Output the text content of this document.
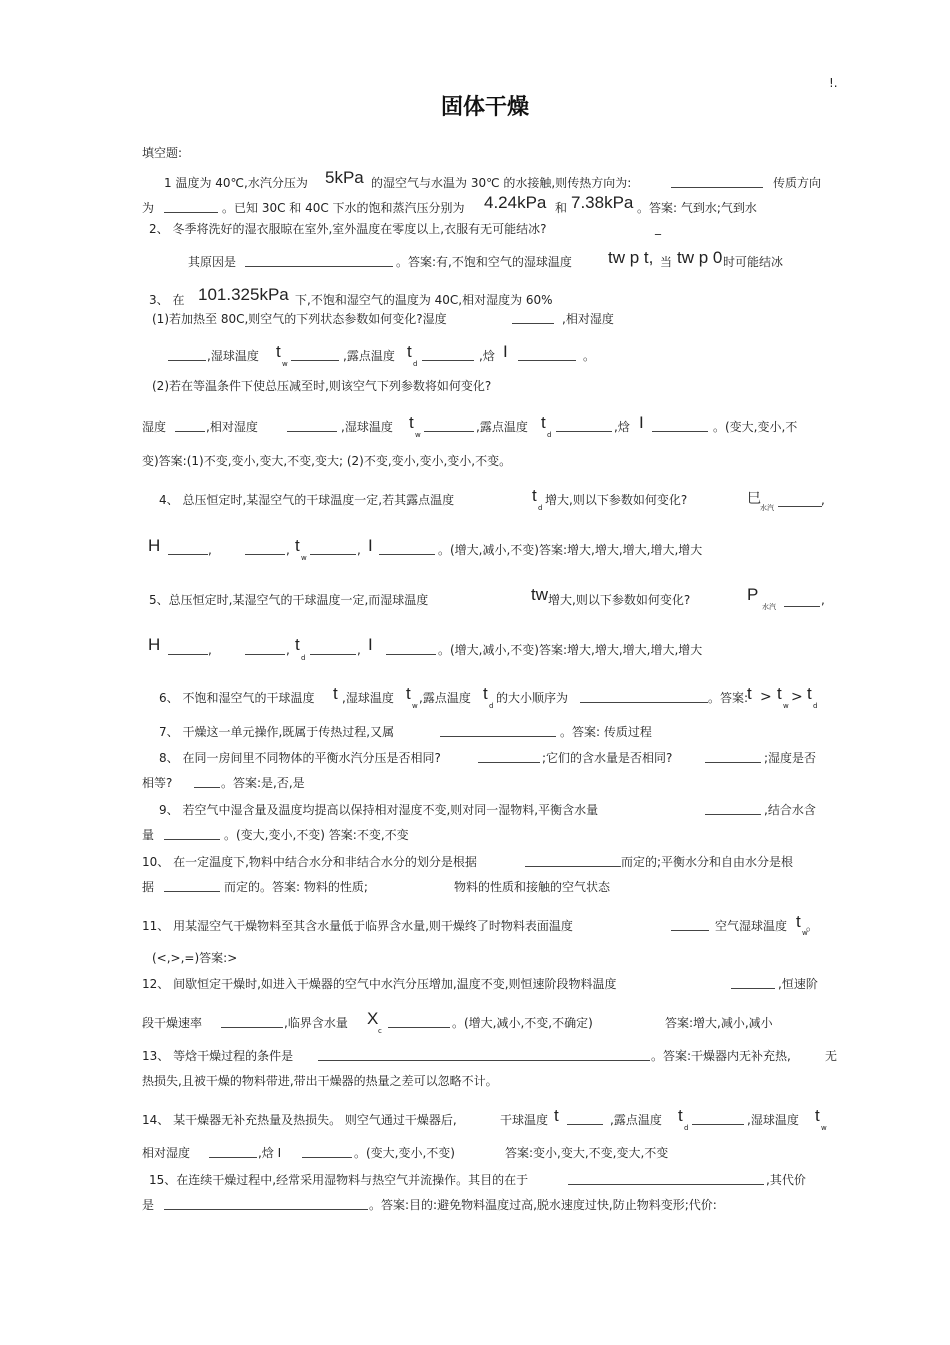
!.
固体干燥
填空题:
1 温度为 40℃,水汽分压为 5kPa 的湿空气与水温为 30℃ 的水接触,则传热方向为:	传质方向
为	。已知 30C 和 40C 下水的饱和蒸汽压分别为 4.24kPa 和 7.38kPa 。答案: 气到水;气到水
2、 冬季将洗好的湿衣服晾在室外,室外温度在零度以上,衣服有无可能结冰?	_
其原因是	。答案:有,不饱和空气的湿球温度 tw p t, 当 tw p 0 时可能结冰
3、 在 101.325kPa 下,不饱和湿空气的温度为 40C,相对湿度为 60%
(1)若加热至 80C,则空气的下列状态参数如何变化?湿度	,相对湿度
,湿球温度 t
w
,露点温度 t
d
,焓 I	。
(2)若在等温条件下使总压减至时,则该空气下列参数将如何变化?
湿度	,相对湿度	,湿球温度 t
w
,露点温度 t
d
,焓 I	。(变大,变小,不
变)答案:(1)不变,变小,变大,不变,变大; (2)不变,变小,变小,变小,不变。
4、 总压恒定时,某湿空气的干球温度一定,若其露点温度	t
d
增大,则以下参数如何变化?	巳
水汽
,
H	,	, t
w
, I	。(增大,减小,不变)答案:增大,增大,增大,增大,增大
5、总压恒定时,某湿空气的干球温度一定,而湿球温度	tw 增大,则以下参数如何变化?	P
水汽	,
H	,	, t
d
, I	。(增大,减小,不变)答案:增大,增大,增大,增大,增大
6、 不饱和湿空气的干球温度 t ,湿球温度 t
w
,露点温度 t
d
的大小顺序为	。答案:
t > t
w
> t
d
7、 干燥这一单元操作,既属于传热过程,又属	。答案: 传质过程
8、 在同一房间里不同物体的平衡水汽分压是否相同?	;它们的含水量是否相同?	;湿度是否
相等?	。答案:是,否,是
9、 若空气中湿含量及温度均提高以保持相对湿度不变,则对同一湿物料,平衡含水量	,结合水含
量	。(变大,变小,不变) 答案:不变,不变
10、 在一定温度下,物料中结合水分和非结合水分的划分是根据	而定的;平衡水分和自由水分是根
据	而定的。答案: 物料的性质;	物料的性质和接触的空气状态
11、 用某湿空气干燥物料至其含水量低于临界含水量,则干燥终了时物料表面温度	空气湿球温度 t
w
。
(<,>,=)答案:>
12、 间歇恒定干燥时,如进入干燥器的空气中水汽分压增加,温度不变,则恒速阶段物料温度	,恒速阶
段干燥速率	,临界含水量 X
c
。(增大,减小,不变,不确定)	答案:增大,减小,减小
13、 等焓干燥过程的条件是	。答案:干燥器内无补充热,	无
热损失,且被干燥的物料带进,带出干燥器的热量之差可以忽略不计。
14、 某干燥器无补充热量及热损失。 则空气通过干燥器后,	干球温度 t	,露点温度 t
d
,湿球温度 t
w
相对湿度	,焓 I	。(变大,变小,不变)	答案:变小,变大,不变,变大,不变
15、在连续干燥过程中,经常采用湿物料与热空气并流操作。其目的在于	,其代价
是	。答案:目的:避免物料温度过高,脱水速度过快,防止物料变形;代价:
